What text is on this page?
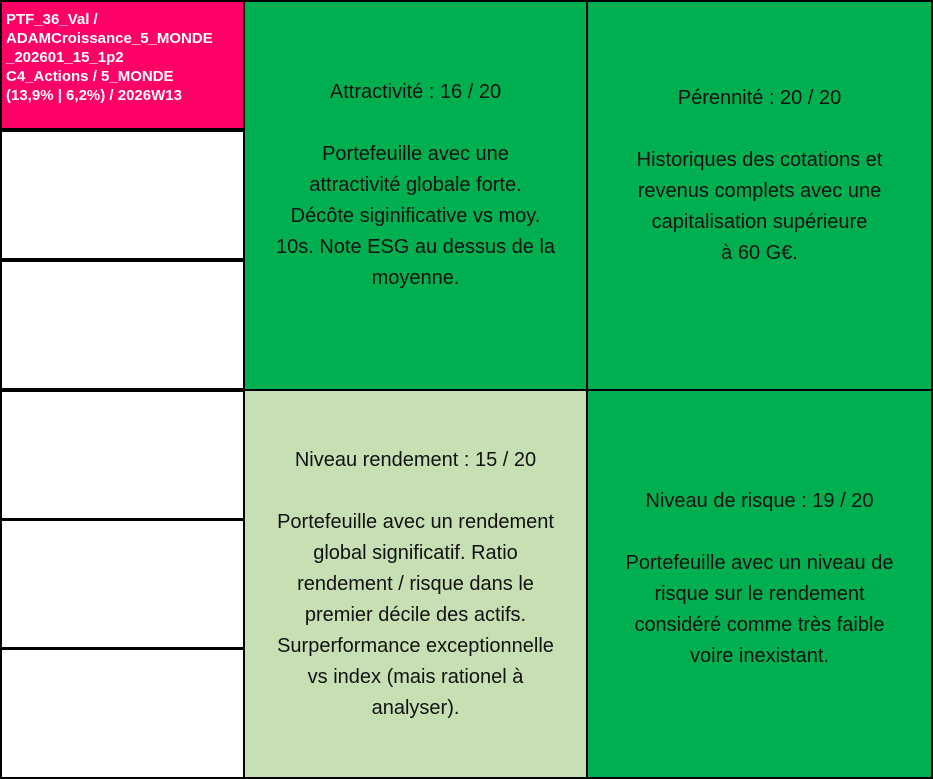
PTF_36_Val /
ADAMCroissance_5_MONDE
_202601_15_1p2
C4_Actions / 5_MONDE
(13,9% | 6,2%) / 2026W13	Attractivité : 16 / 20
Portefeuille avec une
attractivité globale forte.
Décôte siginificative vs moy.
10s. Note ESG au dessus de la
moyenne.
Pérennité : 20 / 20
Historiques des cotations et
revenus complets avec une
capitalisation supérieure
à 60 G€.
Niveau rendement : 15 / 20
Portefeuille avec un rendement
global significatif. Ratio
rendement / risque dans le
premier décile des actifs.
Surperformance exceptionnelle
vs index (mais rationel à
analyser).
Niveau de risque : 19 / 20
Portefeuille avec un niveau de
risque sur le rendement
considéré comme très faible
voire inexistant.
